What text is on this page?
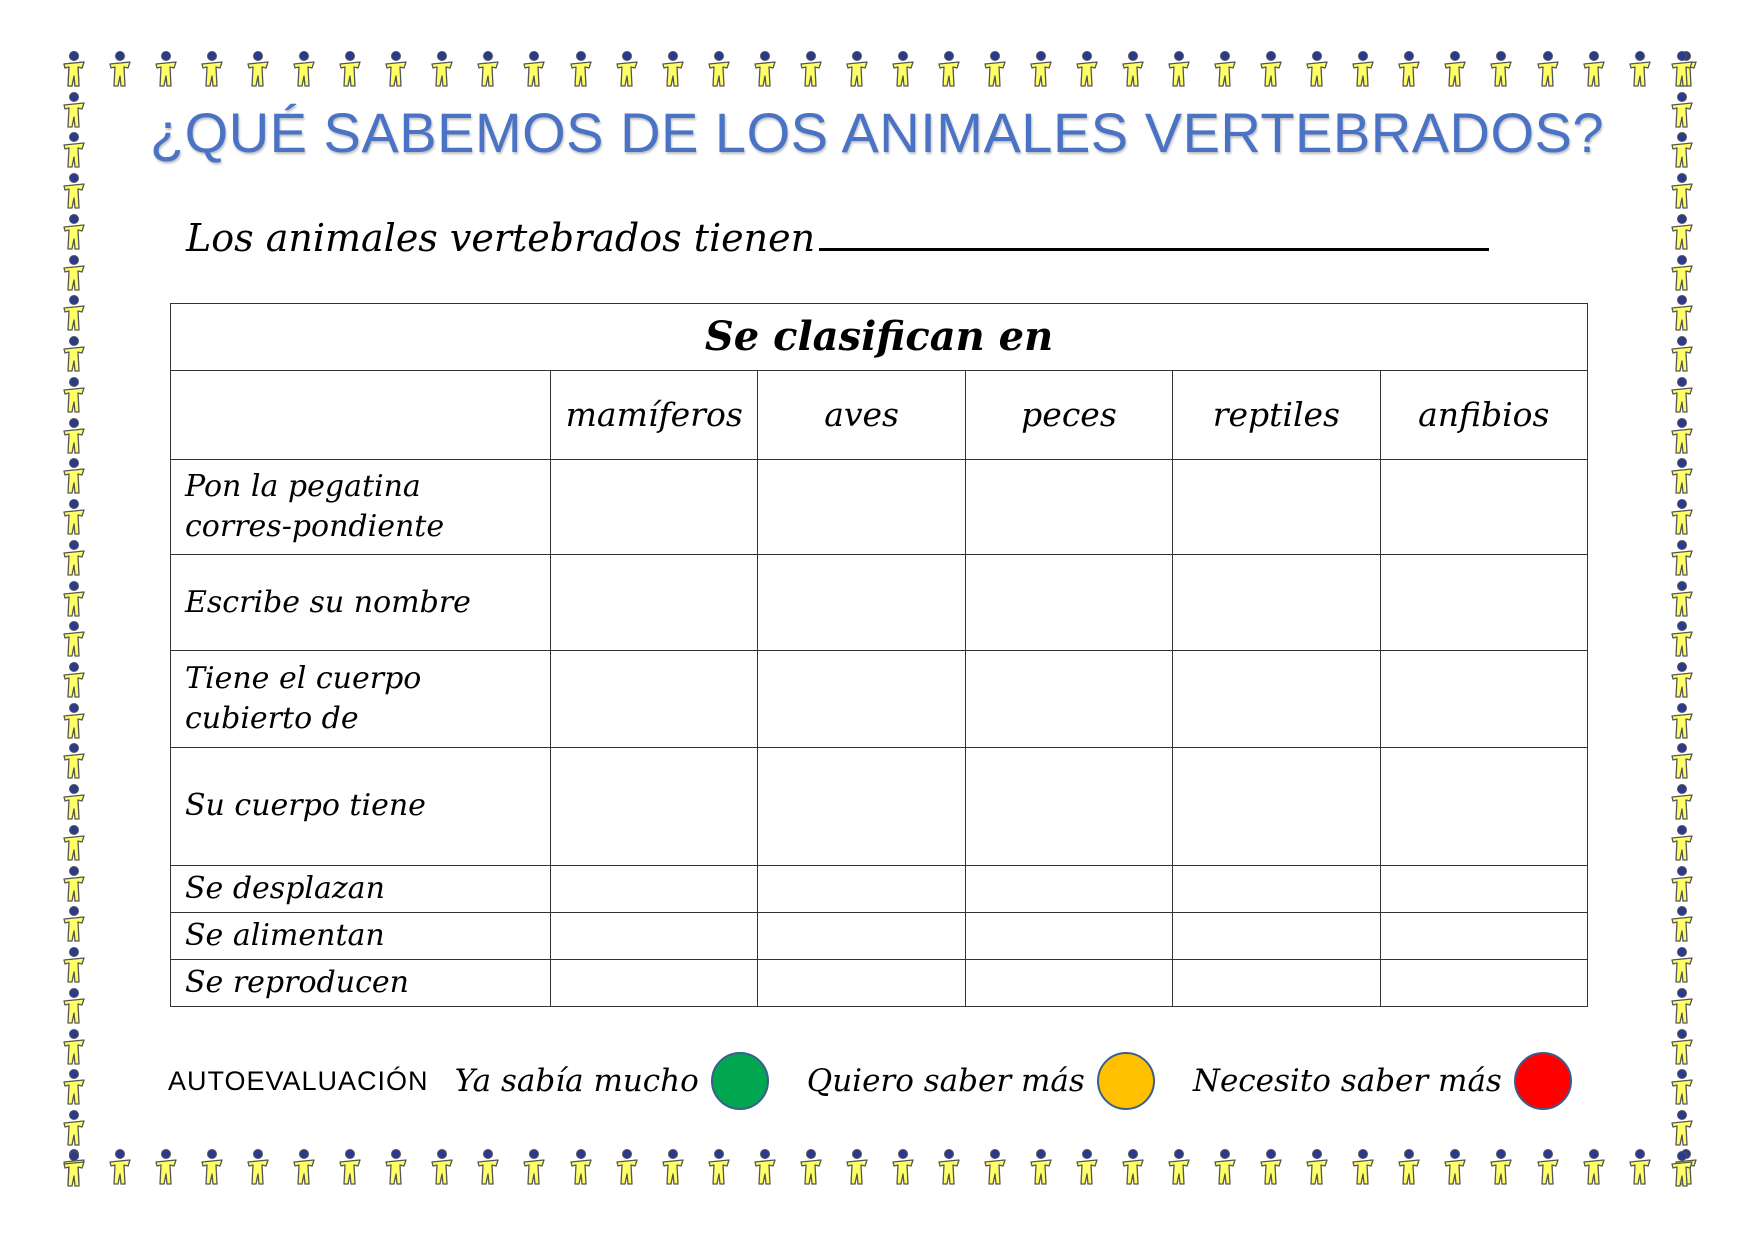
¿QUÉ SABEMOS DE LOS ANIMALES VERTEBRADOS?
Los animales vertebrados tienen
Se clasifican en					
	mamíferos	aves	peces	reptiles	anfibios
Pon la pegatina corres-pondiente					
Escribe su nombre					
Tiene el cuerpo cubierto de					
Su cuerpo tiene					
Se desplazan					
Se alimentan					
Se reproducen					
AUTOEVALUACIÓN Ya sabía mucho	Quiero saber más	Necesito saber más
